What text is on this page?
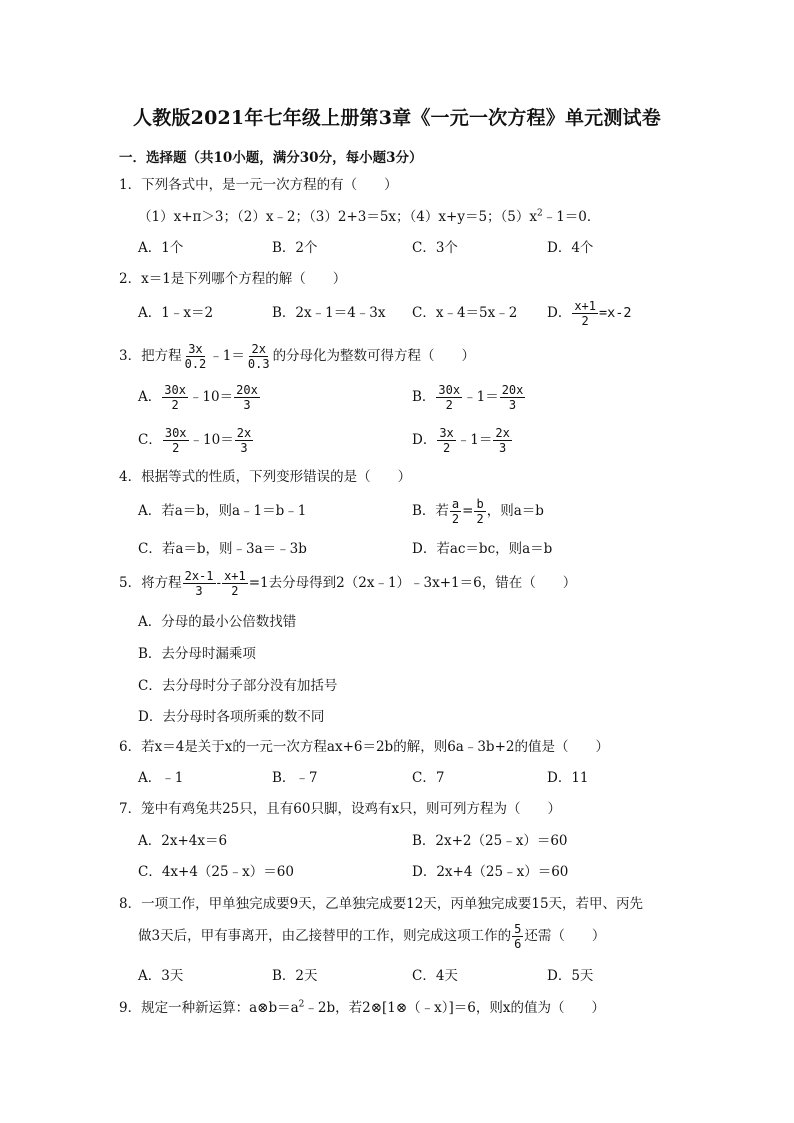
人教版2021年七年级上册第3章《一元一次方程》单元测试卷
一．选择题（共10小题，满分30分，每小题3分）
1．下列各式中，是一元一次方程的有（　　）
（1）x+π＞3；（2）x﹣2；（3）2+3＝5x；（4）x+y＝5；$(5)x^2﹣1=0$．
A．1个	B．2个	C．3个	D．4个
2．x＝1是下列哪个方程的解（　　）
A．1﹣x＝2	B．2x﹣1＝4﹣3x C．x﹣4＝5x﹣2 D． $\frac{x+1}{2} =x-2$
3．把方程 $\frac{3x}{0.2}$ ﹣1＝ $\frac{2x}{0.3}$ 的分母化为整数可得方程（　　）
A． $\frac{30x}{2}$ ﹣10＝ $\frac{20x}{3}$	B． $\frac{30x}{2}$ ﹣1＝ $\frac{20x}{3}$
C． $\frac{30x}{2}$ ﹣10＝ $\frac{2x}{3}$	D． $\frac{3x}{2}$ ﹣1＝ $\frac{2x}{3}$
4．根据等式的性质，下列变形错误的是（　　）
A．若a＝b，则a﹣1＝b﹣1	B．若 $\frac{a}{2} = \frac{b}{2}$ ，则a＝b
C．若a＝b，则﹣3a＝﹣3b	D．若ac＝bc，则a＝b
5．将方程 $\frac{2x-1}{3} - \frac{x+1}{2} =1$去分母得到2（2x﹣1）﹣3x+1＝6，错在（　　）
A．分母的最小公倍数找错
B．去分母时漏乘项
C．去分母时分子部分没有加括号
D．去分母时各项所乘的数不同
6．若x＝4是关于x的一元一次方程ax+6＝2b的解，则6a﹣3b+2的值是（　　）
A．﹣1	B．﹣7	C．7	D．11
7．笼中有鸡兔共25只，且有60只脚，设鸡有x只，则可列方程为（　　）
A．2x+4x＝6	B．2x+2（25﹣x）＝60
C．4x+4（25﹣x）＝60	D．2x+4（25﹣x）＝60
8．一项工作，甲单独完成要9天，乙单独完成要12天，丙单独完成要15天，若甲、丙先
做3天后，甲有事离开，由乙接替甲的工作，则完成这项工作的 $\frac{5}{6}$ 还需（　　）
A．3天	B．2天	C．4天	D．5天
9．规定一种新运算：$a\otimes b=a^2﹣2b$，若2⊗[1⊗（﹣x）]＝6，则x的值为（　　）
